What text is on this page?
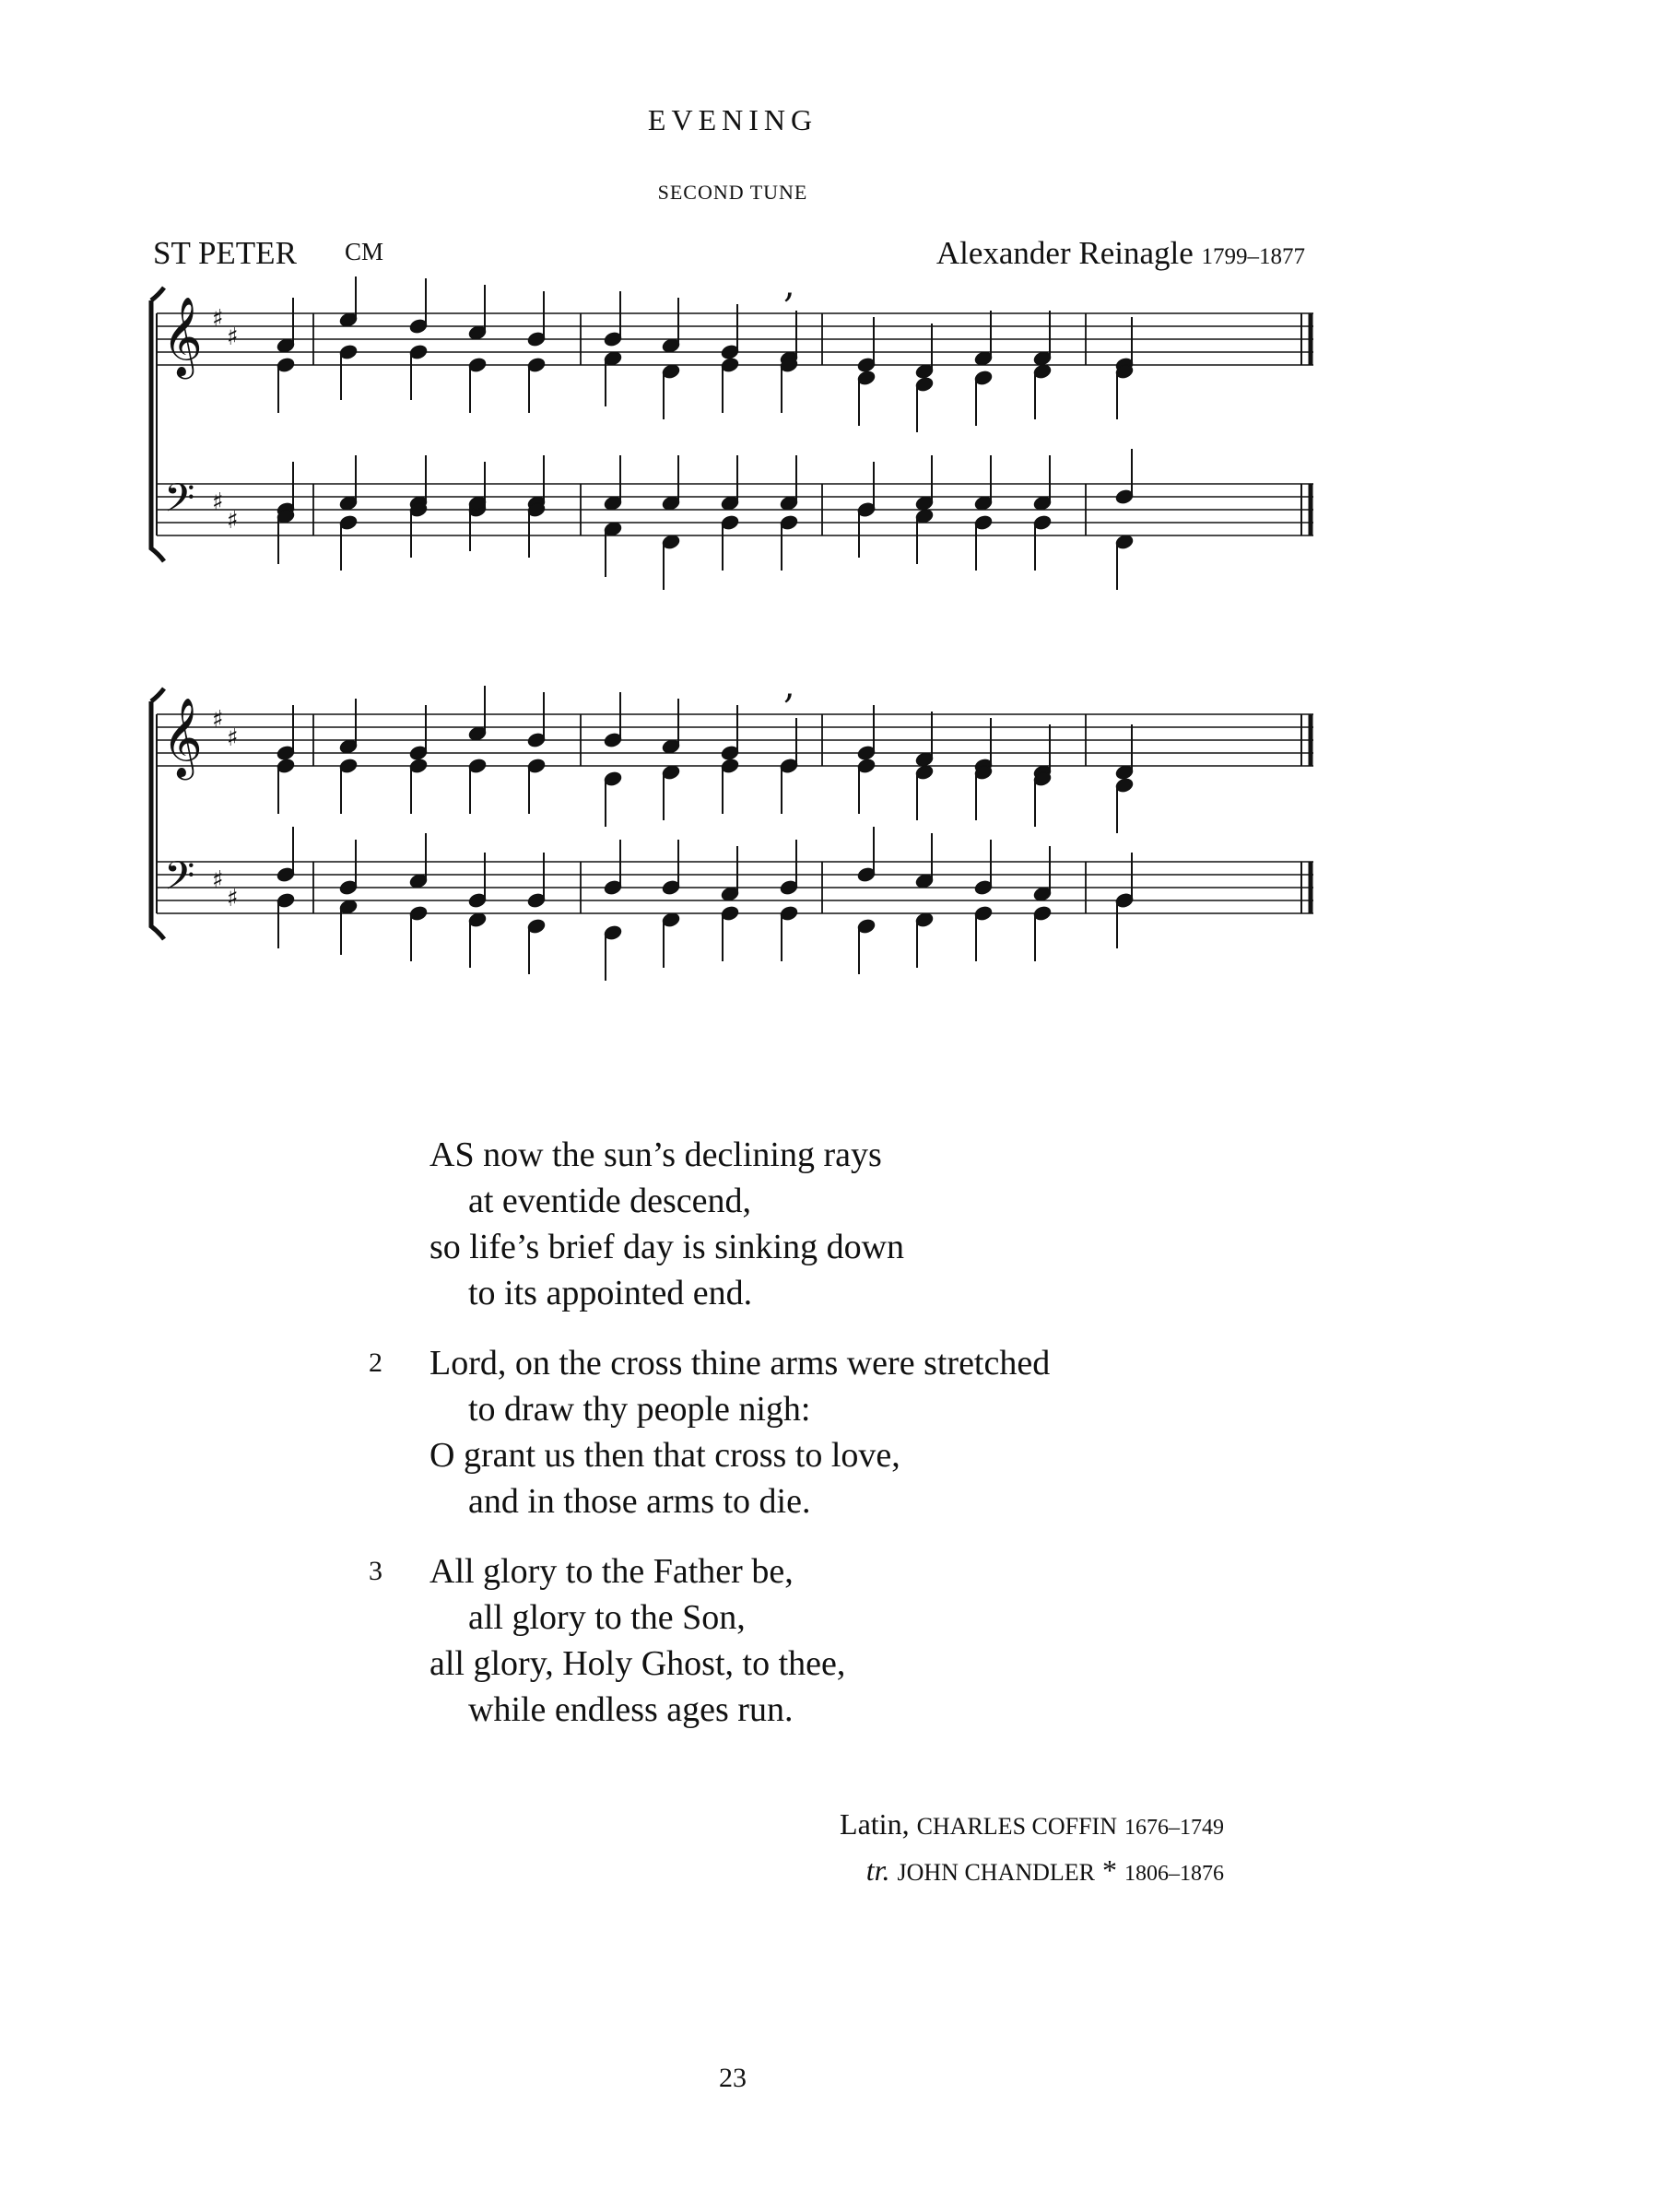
EVENING
SECOND TUNE
ST PETER CM	Alexander Reinagle 1799–1877
𝄞
𝄢
♯
♯
♯
♯
,
𝄞
𝄢
♯
♯
♯
♯
,
AS now the sun’s declining rays
at eventide descend,
so life’s brief day is sinking down
to its appointed end.
2 Lord, on the cross thine arms were stretched
to draw thy people nigh:
O grant us then that cross to love,
and in those arms to die.
3 All glory to the Father be,
all glory to the Son,
all glory, Holy Ghost, to thee,
while endless ages run.
Latin, CHARLES COFFIN 1676–1749
tr. JOHN CHANDLER * 1806–1876
23
